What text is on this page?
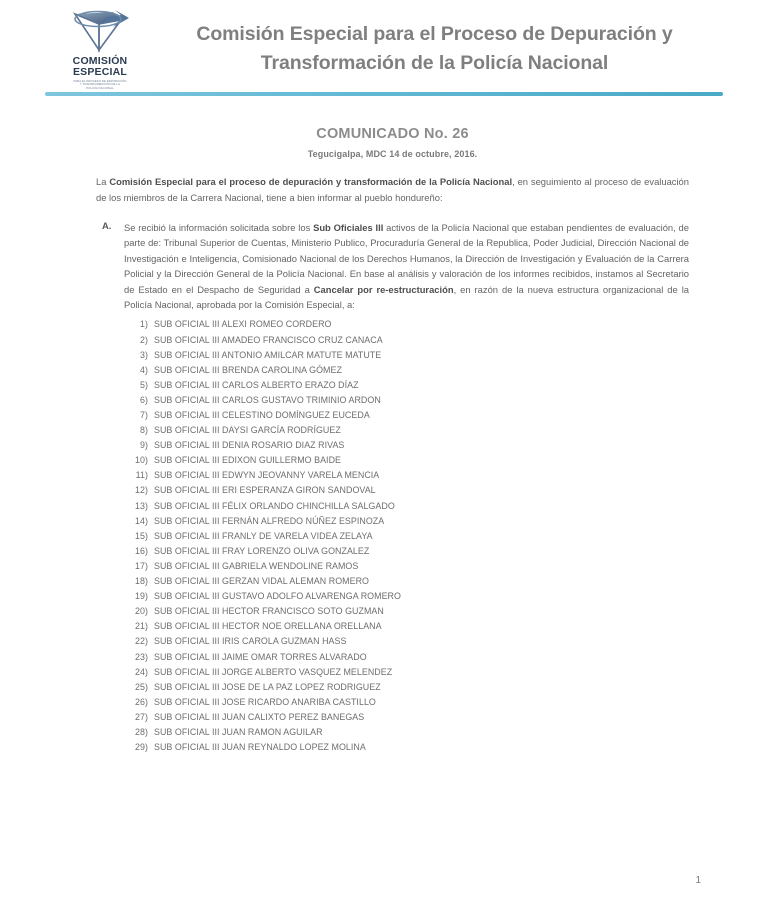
COMISIÓN
ESPECIAL
PARA EL PROCESO DE DEPURACIÓN
Y TRANSFORMACIÓN DE LA
POLICÍA NACIONAL
Comisión Especial para el Proceso de Depuración y
Transformación de la Policía Nacional
COMUNICADO No. 26
Tegucigalpa, MDC 14 de octubre, 2016.

La Comisión Especial para el proceso de depuración y transformación de la Policía Nacional, en seguimiento al proceso de evaluación de los miembros de la Carrera Nacional, tiene a bien informar al pueblo hondureño:

A.	Se recibió la información solicitada sobre los Sub Oficiales III activos de la Policía Nacional que estaban pendientes de evaluación, de parte de: Tribunal Superior de Cuentas, Ministerio Publico, Procuraduría General de la Republica, Poder Judicial, Dirección Nacional de Investigación e Inteligencia, Comisionado Nacional de los Derechos Humanos, la Dirección de Investigación y Evaluación de la Carrera Policial y la Dirección General de la Policía Nacional. En base al análisis y valoración de los informes recibidos, instamos al Secretario de Estado en el Despacho de Seguridad a Cancelar por re-estructuración, en razón de la nueva estructura organizacional de la Policía Nacional, aprobada por la Comisión Especial, a:
1) SUB OFICIAL III ALEXI ROMEO CORDERO
2) SUB OFICIAL III AMADEO FRANCISCO CRUZ CANACA
3) SUB OFICIAL III ANTONIO AMILCAR MATUTE MATUTE
4) SUB OFICIAL III BRENDA CAROLINA GÓMEZ
5) SUB OFICIAL III CARLOS ALBERTO ERAZO DÍAZ
6) SUB OFICIAL III CARLOS GUSTAVO TRIMINIO ARDON
7) SUB OFICIAL III CELESTINO DOMÍNGUEZ EUCEDA
8) SUB OFICIAL III DAYSI GARCÍA RODRÍGUEZ
9) SUB OFICIAL III DENIA ROSARIO DIAZ RIVAS
10) SUB OFICIAL III EDIXON GUILLERMO BAIDE
11) SUB OFICIAL III EDWYN JEOVANNY VARELA MENCIA
12) SUB OFICIAL III ERI ESPERANZA GIRON SANDOVAL
13) SUB OFICIAL III FÉLIX ORLANDO CHINCHILLA SALGADO
14) SUB OFICIAL III FERNÁN ALFREDO NÚÑEZ ESPINOZA
15) SUB OFICIAL III FRANLY DE VARELA VIDEA ZELAYA
16) SUB OFICIAL III FRAY LORENZO OLIVA GONZALEZ
17) SUB OFICIAL III GABRIELA WENDOLINE RAMOS
18) SUB OFICIAL III GERZAN VIDAL ALEMAN ROMERO
19) SUB OFICIAL III GUSTAVO ADOLFO ALVARENGA ROMERO
20) SUB OFICIAL III HECTOR FRANCISCO SOTO GUZMAN
21) SUB OFICIAL III HECTOR NOE ORELLANA ORELLANA
22) SUB OFICIAL III IRIS CAROLA GUZMAN HASS
23) SUB OFICIAL III JAIME OMAR TORRES ALVARADO
24) SUB OFICIAL III JORGE ALBERTO VASQUEZ MELENDEZ
25) SUB OFICIAL III JOSE DE LA PAZ LOPEZ RODRIGUEZ
26) SUB OFICIAL III JOSE RICARDO ANARIBA CASTILLO
27) SUB OFICIAL III JUAN CALIXTO PEREZ BANEGAS
28) SUB OFICIAL III JUAN RAMON AGUILAR
29) SUB OFICIAL III JUAN REYNALDO LOPEZ MOLINA
1
